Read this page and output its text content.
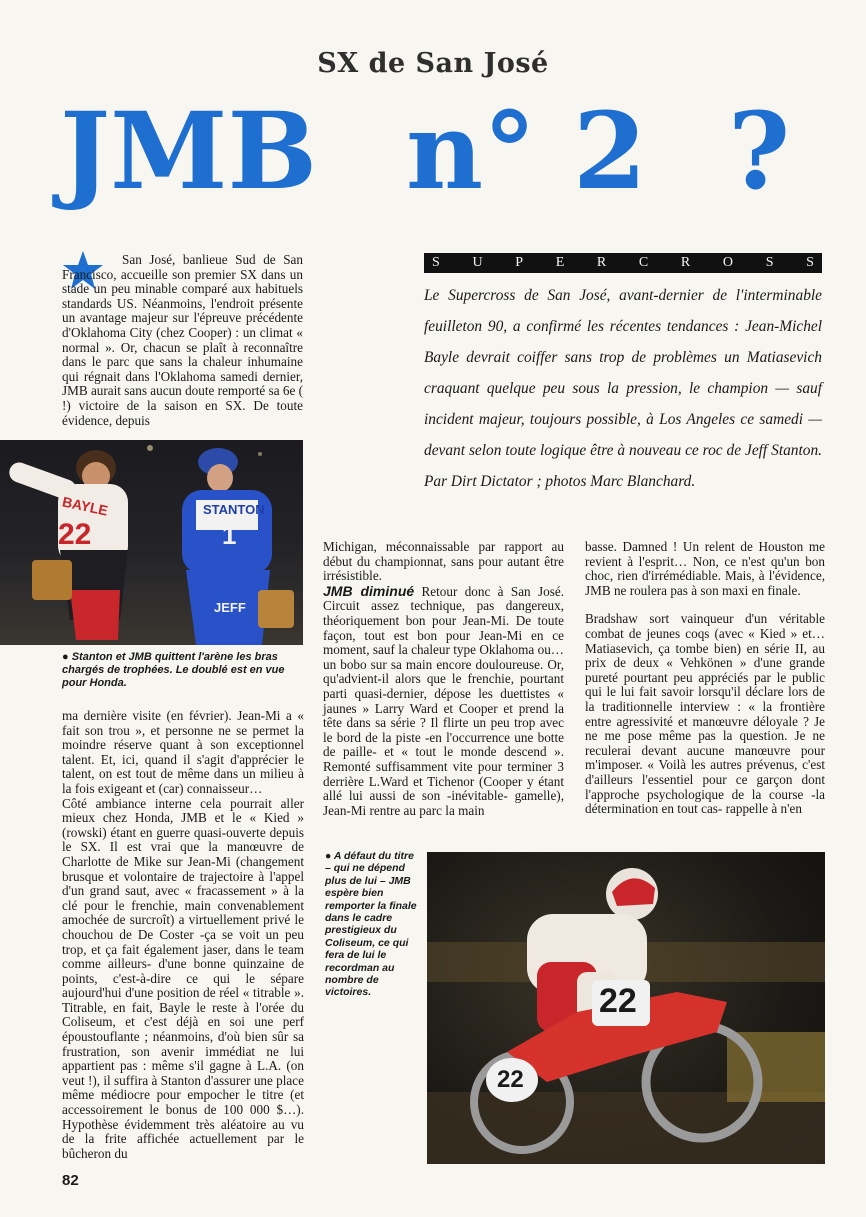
SX de San José
JMB n° 2 ?
San José, banlieue Sud de San Francisco, accueille son premier SX dans un stade un peu minable comparé aux habituels standards US. Néanmoins, l'endroit présente un avantage majeur sur l'épreuve précédente d'Oklahoma City (chez Cooper) : un climat « normal ». Or, chacun se plaît à reconnaître dans le parc que sans la chaleur inhumaine qui régnait dans l'Oklahoma samedi dernier, JMB aurait sans aucun doute remporté sa 6e ( !) victoire de la saison en SX. De toute évidence, depuis
S U P E R C R O S S
Le Supercross de San José, avant-dernier de l'interminable feuilleton 90, a confirmé les récentes tendances : Jean-Michel Bayle devrait coiffer sans trop de problèmes un Matiasevich craquant quelque peu sous la pression, le champion — sauf incident majeur, toujours possible, à Los Angeles ce samedi — devant selon toute logique être à nouveau ce roc de Jeff Stanton. Par Dirt Dictator ; photos Marc Blanchard.
BAYLE
22
STANTON
1
JEFF
● Stanton et JMB quittent l'arène les bras chargés de trophées. Le doublé est en vue pour Honda.

ma dernière visite (en février). Jean-Mi a « fait son trou », et personne ne se permet la moindre réserve quant à son exceptionnel talent. Et, ici, quand il s'agit d'apprécier le talent, on est tout de même dans un milieu à la fois exigeant et (car) connaisseur…

Côté ambiance interne cela pourrait aller mieux chez Honda, JMB et le « Kied » (rowski) étant en guerre quasi-ouverte depuis le SX. Il est vrai que la manœuvre de Charlotte de Mike sur Jean-Mi (changement brusque et volontaire de trajectoire à l'appel d'un grand saut, avec « fracassement » à la clé pour le frenchie, main convenablement amochée de surcroît) a virtuellement privé le chouchou de De Coster -ça se voit un peu trop, et ça fait également jaser, dans le team comme ailleurs- d'une bonne quinzaine de points, c'est-à-dire ce qui le sépare aujourd'hui d'une position de réel « titrable ». Titrable, en fait, Bayle le reste à l'orée du Coliseum, et c'est déjà en soi une perf époustouflante ; néanmoins, d'où bien sûr sa frustration, son avenir immédiat ne lui appartient pas : même s'il gagne à L.A. (on veut !), il suffira à Stanton d'assurer une place même médiocre pour empocher le titre (et accessoirement le bonus de 100 000 $…). Hypothèse évidemment très aléatoire au vu de la frite affichée actuellement par le bûcheron du

Michigan, méconnaissable par rapport au début du championnat, sans pour autant être irrésistible.

JMB diminué Retour donc à San José. Circuit assez technique, pas dangereux, théoriquement bon pour Jean-Mi. De toute façon, tout est bon pour Jean-Mi en ce moment, sauf la chaleur type Oklahoma ou… un bobo sur sa main encore douloureuse. Or, qu'advient-il alors que le frenchie, pourtant parti quasi-dernier, dépose les duettistes « jaunes » Larry Ward et Cooper et prend la tête dans sa série ? Il flirte un peu trop avec le bord de la piste -en l'occurrence une botte de paille- et « tout le monde descend ». Remonté suffisamment vite pour terminer 3 derrière L.Ward et Tichenor (Cooper y étant allé lui aussi de son -inévitable- gamelle), Jean-Mi rentre au parc la main

basse. Damned ! Un relent de Houston me revient à l'esprit… Non, ce n'est qu'un bon choc, rien d'irrémédiable. Mais, à l'évidence, JMB ne roulera pas à son maxi en finale.

Bradshaw sort vainqueur d'un véritable combat de jeunes coqs (avec « Kied » et… Matiasevich, ça tombe bien) en série II, au prix de deux « Vehkönen » d'une grande pureté pourtant peu appréciés par le public qui le lui fait savoir lorsqu'il déclare lors de la traditionnelle interview : « la frontière entre agressivité et manœuvre déloyale ? Je ne me pose même pas la question. Je ne reculerai devant aucune manœuvre pour m'imposer. « Voilà les autres prévenus, c'est d'ailleurs l'essentiel pour ce garçon dont l'approche psychologique de la course -la détermination en tout cas- rappelle à n'en

● A défaut du titre – qui ne dépend plus de lui – JMB espère bien remporter la finale dans le cadre prestigieux du Coliseum, ce qui fera de lui le recordman au nombre de victoires.	22
22
82
